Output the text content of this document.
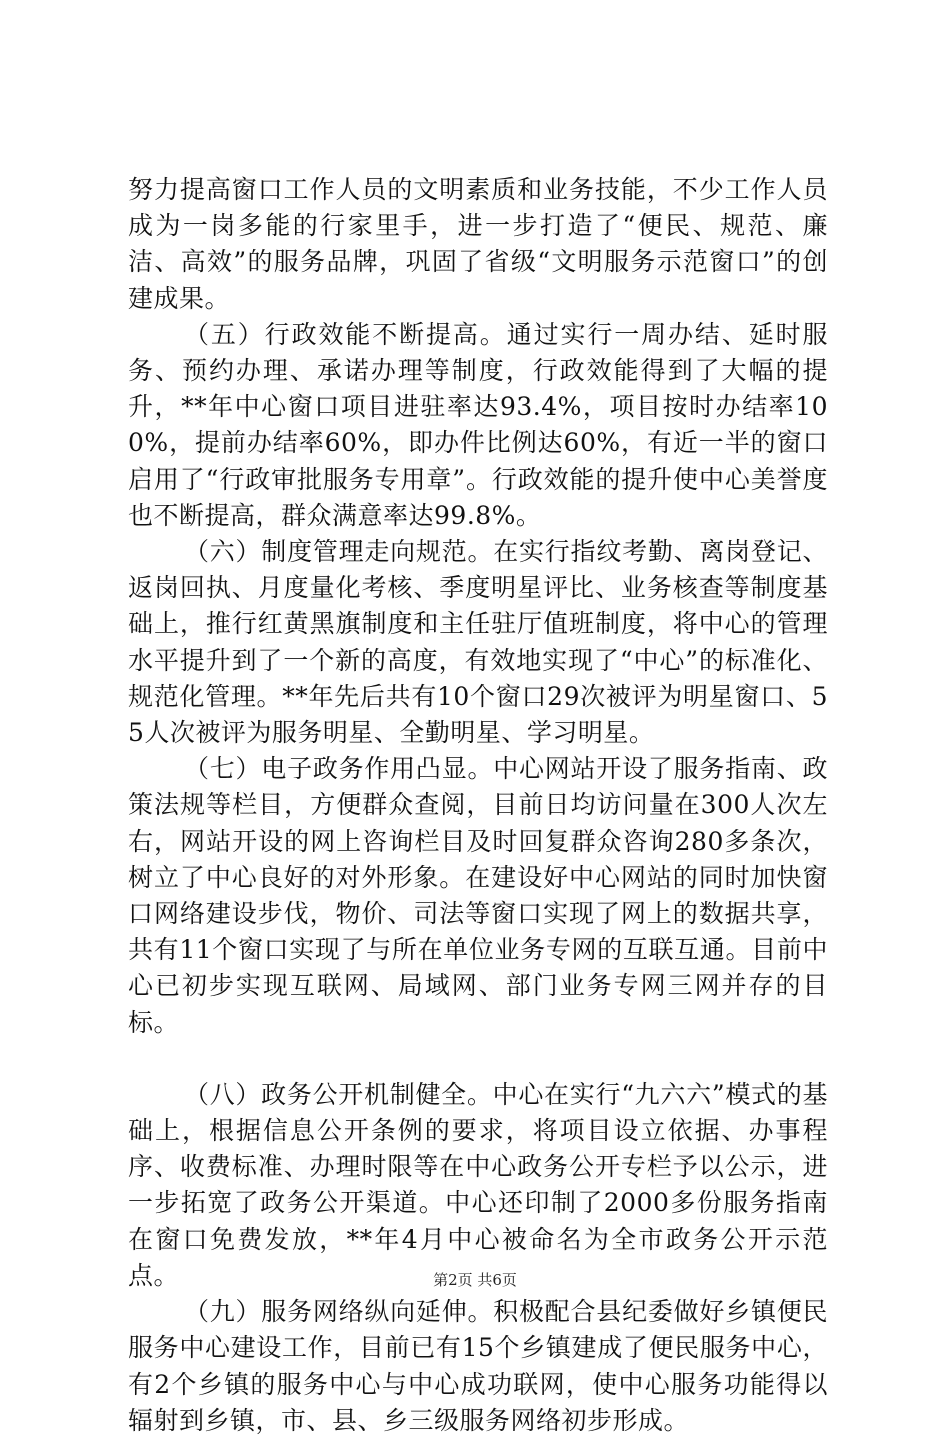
努力提高窗口工作人员的文明素质和业务技能，不少工作人员成为一岗多能的行家里手，进一步打造了“便民、规范、廉洁、高效”的服务品牌，巩固了省级“文明服务示范窗口”的创建成果。

（五）行政效能不断提高。通过实行一周办结、延时服务、预约办理、承诺办理等制度，行政效能得到了大幅的提升，**年中心窗口项目进驻率达93.4%，项目按时办结率100%，提前办结率60%，即办件比例达60%，有近一半的窗口启用了“行政审批服务专用章”。行政效能的提升使中心美誉度也不断提高，群众满意率达99.8%。

（六）制度管理走向规范。在实行指纹考勤、离岗登记、返岗回执、月度量化考核、季度明星评比、业务核查等制度基础上，推行红黄黑旗制度和主任驻厅值班制度，将中心的管理水平提升到了一个新的高度，有效地实现了“中心”的标准化、规范化管理。**年先后共有10个窗口29次被评为明星窗口、55人次被评为服务明星、全勤明星、学习明星。

（七）电子政务作用凸显。中心网站开设了服务指南、政策法规等栏目，方便群众查阅，目前日均访问量在300人次左右，网站开设的网上咨询栏目及时回复群众咨询280多条次，树立了中心良好的对外形象。在建设好中心网站的同时加快窗口网络建设步伐，物价、司法等窗口实现了网上的数据共享，共有11个窗口实现了与所在单位业务专网的互联互通。目前中心已初步实现互联网、局域网、部门业务专网三网并存的目标。

（八）政务公开机制健全。中心在实行“九六六”模式的基础上，根据信息公开条例的要求，将项目设立依据、办事程序、收费标准、办理时限等在中心政务公开专栏予以公示，进一步拓宽了政务公开渠道。中心还印制了2000多份服务指南在窗口免费发放，**年4月中心被命名为全市政务公开示范点。

（九）服务网络纵向延伸。积极配合县纪委做好乡镇便民服务中心建设工作，目前已有15个乡镇建成了便民服务中心，有2个乡镇的服务中心与中心成功联网，使中心服务功能得以辐射到乡镇，市、县、乡三级服务网络初步形成。

第2页 共6页
